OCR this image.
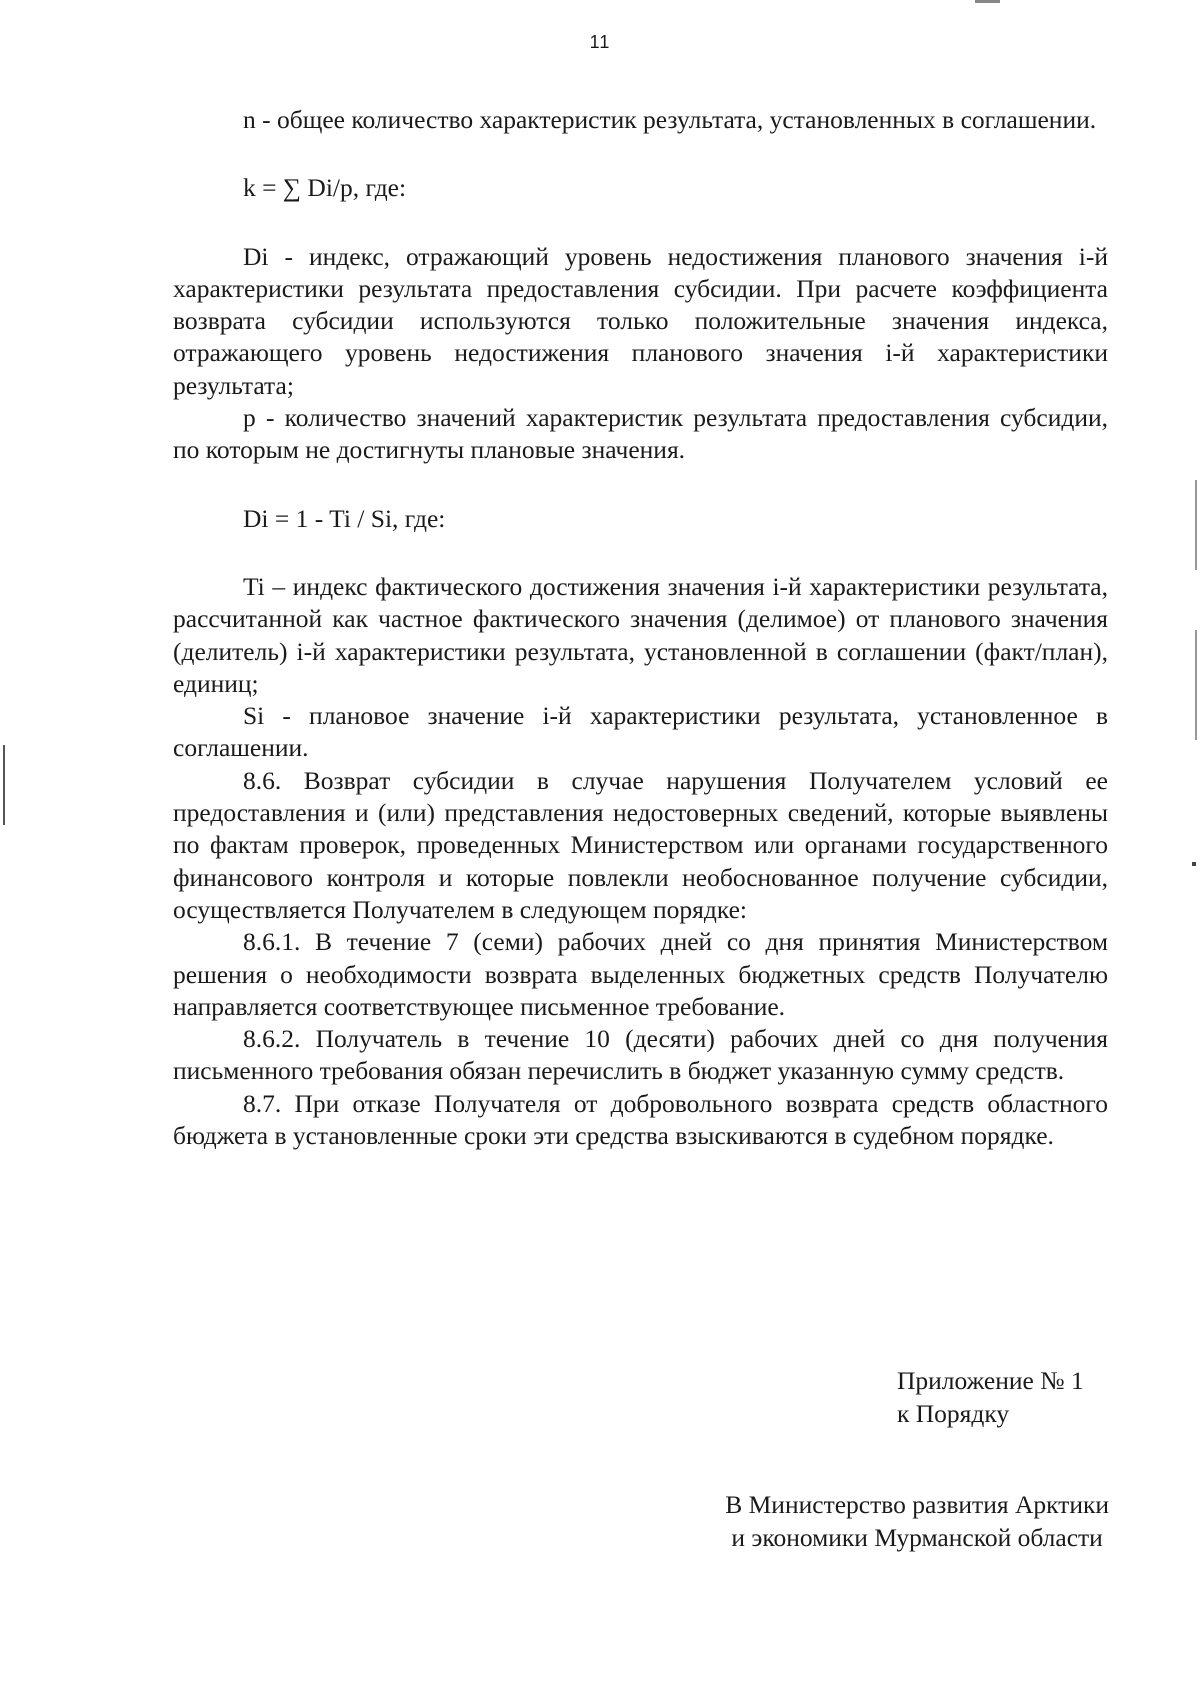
11

n - общее количество характеристик результата, установленных в соглашении.

k = ∑ Di/p, где:

Di - индекс, отражающий уровень недостижения планового значения i-й характеристики результата предоставления субсидии. При расчете коэффициента возврата субсидии используются только положительные значения индекса, отражающего уровень недостижения планового значения i-й характеристики результата;

p - количество значений характеристик результата предоставления субсидии, по которым не достигнуты плановые значения.

Di = 1 - Ti / Si, где:

Ti – индекс фактического достижения значения i-й характеристики результата, рассчитанной как частное фактического значения (делимое) от планового значения (делитель) i-й характеристики результата, установленной в соглашении (факт/план), единиц;

Si - плановое значение i-й характеристики результата, установленное в соглашении.

8.6. Возврат субсидии в случае нарушения Получателем условий ее предоставления и (или) представления недостоверных сведений, которые выявлены по фактам проверок, проведенных Министерством или органами государственного финансового контроля и которые повлекли необоснованное получение субсидии, осуществляется Получателем в следующем порядке:

8.6.1. В течение 7 (семи) рабочих дней со дня принятия Министерством решения о необходимости возврата выделенных бюджетных средств Получателю направляется соответствующее письменное требование.

8.6.2. Получатель в течение 10 (десяти) рабочих дней со дня получения письменного требования обязан перечислить в бюджет указанную сумму средств.

8.7. При отказе Получателя от добровольного возврата средств областного бюджета в установленные сроки эти средства взыскиваются в судебном порядке.

Приложение № 1
к Порядку
В Министерство развития Арктики
и экономики Мурманской области
